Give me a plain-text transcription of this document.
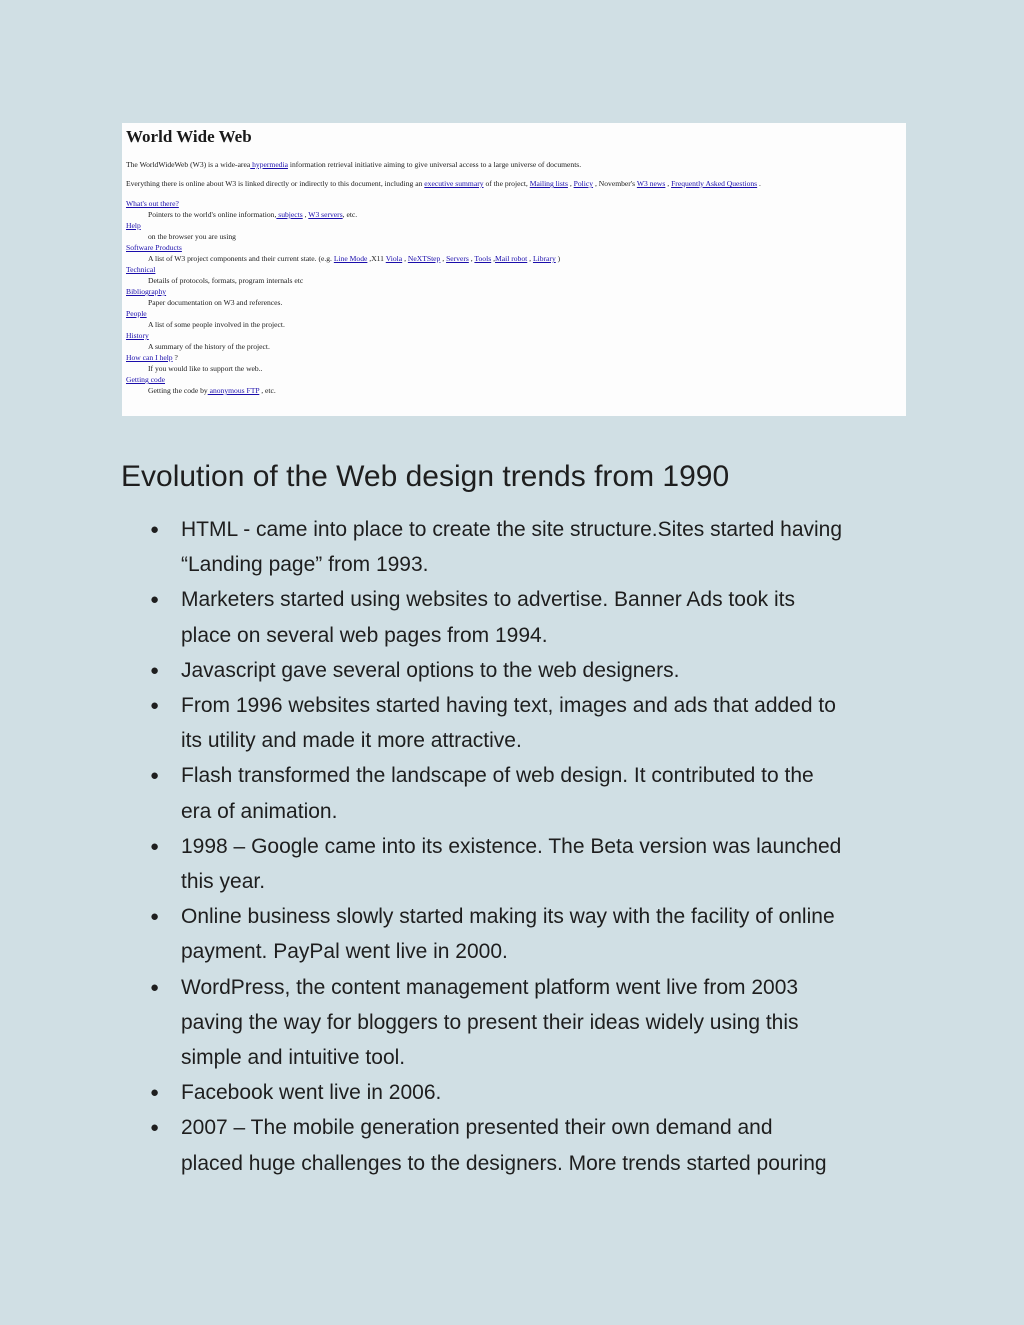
World Wide Web

The WorldWideWeb (W3) is a wide-area hypermedia information retrieval initiative aiming to give universal access to a large universe of documents.

Everything there is online about W3 is linked directly or indirectly to this document, including an executive summary of the project, Mailing lists , Policy , November's W3 news , Frequently Asked Questions .

What's out there?
Pointers to the world's online information, subjects , W3 servers, etc.
Help
on the browser you are using
Software Products
A list of W3 project components and their current state. (e.g. Line Mode ,X11 Viola , NeXTStep , Servers , Tools ,Mail robot , Library )
Technical
Details of protocols, formats, program internals etc
Bibliography
Paper documentation on W3 and references.
People
A list of some people involved in the project.
History
A summary of the history of the project.
How can I help ?
If you would like to support the web..
Getting code
Getting the code by anonymous FTP , etc.
Evolution of the Web design trends from 1990
● HTML - came into place to create the site structure.Sites started having
“Landing page” from 1993.
● Marketers started using websites to advertise. Banner Ads took its
place on several web pages from 1994.
● Javascript gave several options to the web designers.
● From 1996 websites started having text, images and ads that added to
its utility and made it more attractive.
● Flash transformed the landscape of web design. It contributed to the
era of animation.
● 1998 – Google came into its existence. The Beta version was launched
this year.
● Online business slowly started making its way with the facility of online
payment. PayPal went live in 2000.
● WordPress, the content management platform went live from 2003
paving the way for bloggers to present their ideas widely using this
simple and intuitive tool.
● Facebook went live in 2006.
● 2007 – The mobile generation presented their own demand and
placed huge challenges to the designers. More trends started pouring
